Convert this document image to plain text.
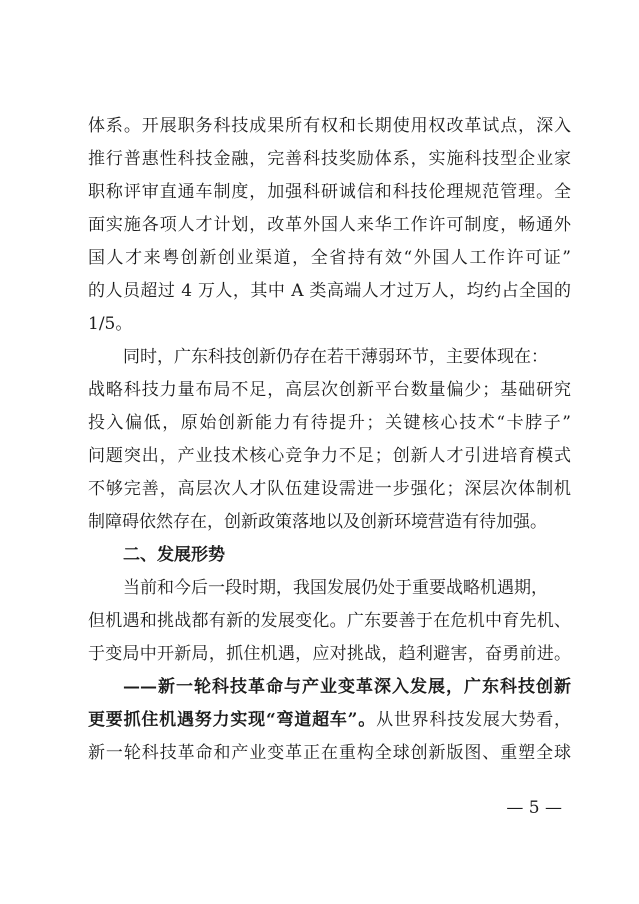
体系。开展职务科技成果所有权和长期使用权改革试点，深入
推行普惠性科技金融，完善科技奖励体系，实施科技型企业家
职称评审直通车制度，加强科研诚信和科技伦理规范管理。全
面实施各项人才计划，改革外国人来华工作许可制度，畅通外
国人才来粤创新创业渠道，全省持有效“外国人工作许可证”
的人员超过 4 万人，其中 A 类高端人才过万人，均约占全国的
1/5。
同时，广东科技创新仍存在若干薄弱环节，主要体现在：
战略科技力量布局不足，高层次创新平台数量偏少；基础研究
投入偏低，原始创新能力有待提升；关键核心技术“卡脖子”
问题突出，产业技术核心竞争力不足；创新人才引进培育模式
不够完善，高层次人才队伍建设需进一步强化；深层次体制机
制障碍依然存在，创新政策落地以及创新环境营造有待加强。
二、发展形势
当前和今后一段时期，我国发展仍处于重要战略机遇期，
但机遇和挑战都有新的发展变化。广东要善于在危机中育先机、
于变局中开新局，抓住机遇，应对挑战，趋利避害，奋勇前进。
——新一轮科技革命与产业变革深入发展，广东科技创新
更要抓住机遇努力实现“弯道超车”。从世界科技发展大势看，
新一轮科技革命和产业变革正在重构全球创新版图、重塑全球
— 5 —
